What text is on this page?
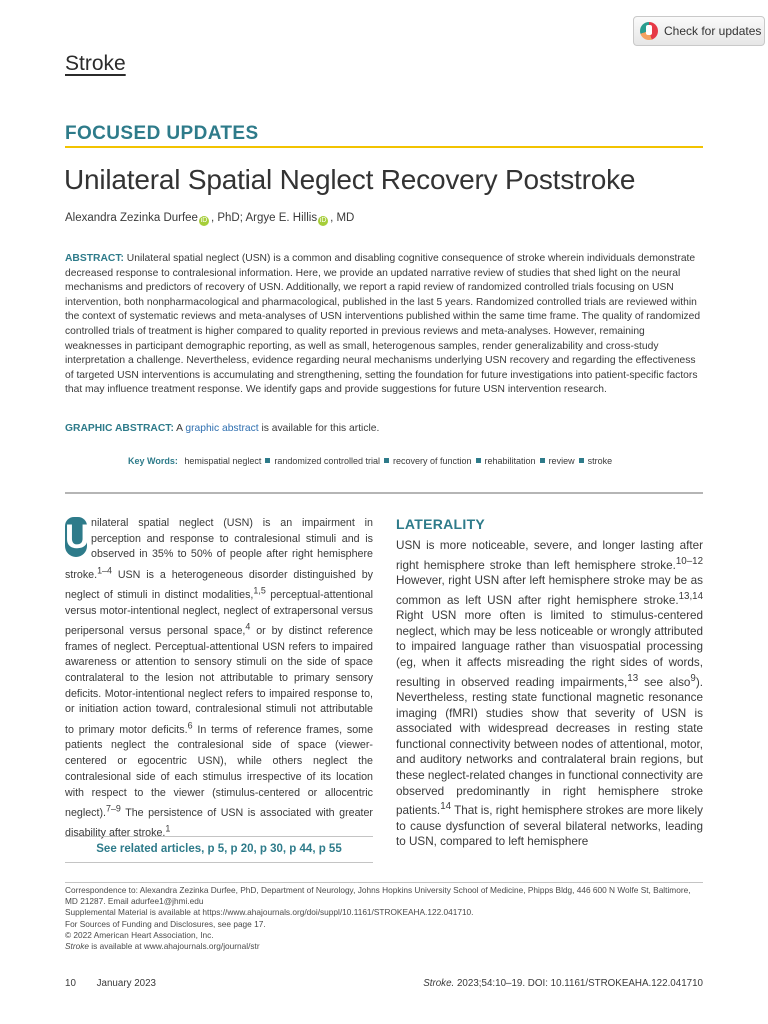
Check for updates
Stroke
FOCUSED UPDATES
Unilateral Spatial Neglect Recovery Poststroke
Alexandra Zezinka Durfee iD , PhD; Argye E. Hillis iD , MD
ABSTRACT: Unilateral spatial neglect (USN) is a common and disabling cognitive consequence of stroke wherein individuals demonstrate decreased response to contralesional information. Here, we provide an updated narrative review of studies that shed light on the neural mechanisms and predictors of recovery of USN. Additionally, we report a rapid review of randomized controlled trials focusing on USN intervention, both nonpharmacological and pharmacological, published in the last 5 years. Randomized controlled trials are reviewed within the context of systematic reviews and meta-analyses of USN interventions published within the same time frame. The quality of randomized controlled trials of treatment is higher compared to quality reported in previous reviews and meta-analyses. However, remaining weaknesses in participant demographic reporting, as well as small, heterogenous samples, render generalizability and cross-study interpretation a challenge. Nevertheless, evidence regarding neural mechanisms underlying USN recovery and regarding the effectiveness of targeted USN interventions is accumulating and strengthening, setting the foundation for future investigations into patient-specific factors that may influence treatment response. We identify gaps and provide suggestions for future USN intervention research.
GRAPHIC ABSTRACT: A graphic abstract is available for this article.
Key Words: hemispatial neglect randomized controlled trial recovery of function rehabilitation review stroke
U nilateral spatial neglect (USN) is an impairment in perception and response to contralesional stimuli and is observed in 35% to 50% of people after right hemisphere stroke.$^{1-4}$ USN is a heterogeneous disorder distinguished by neglect of stimuli in distinct modalities,$^{1,5}$ perceptual-attentional versus motor-intentional neglect, neglect of extrapersonal versus peripersonal versus personal space,$^4$ or by distinct reference frames of neglect. Perceptual-attentional USN refers to impaired awareness or attention to sensory stimuli on the side of space contralateral to the lesion not attributable to primary sensory deficits. Motor-intentional neglect refers to impaired response to, or initiation action toward, contralesional stimuli not attributable to primary motor deficits.$^6$ In terms of reference frames, some patients neglect the contralesional side of space (viewer-centered or egocentric USN), while others neglect the contralesional side of each stimulus irrespective of its location with respect to the viewer (stimulus-centered or allocentric neglect).$^{7-9}$ The persistence of USN is associated with greater disability after stroke.$^1$
See related articles, p 5, p 20, p 30, p 44, p 55
LATERALITY

USN is more noticeable, severe, and longer lasting after right hemisphere stroke than left hemisphere stroke.$^{10-12}$ However, right USN after left hemisphere stroke may be as common as left USN after right hemisphere stroke.$^{13,14}$ Right USN more often is limited to stimulus-centered neglect, which may be less noticeable or wrongly attributed to impaired language rather than visuospatial processing (eg, when it affects misreading the right sides of words, resulting in observed reading impairments,$^{13}$ see also$^9$). Nevertheless, resting state functional magnetic resonance imaging (fMRI) studies show that severity of USN is associated with widespread decreases in resting state functional connectivity between nodes of attentional, motor, and auditory networks and contralateral brain regions, but these neglect-related changes in functional connectivity are observed predominantly in right hemisphere stroke patients.$^{14}$ That is, right hemisphere strokes are more likely to cause dysfunction of several bilateral networks, leading to USN, compared to left hemisphere

Correspondence to: Alexandra Zezinka Durfee, PhD, Department of Neurology, Johns Hopkins University School of Medicine, Phipps Bldg, 446 600 N Wolfe St, Baltimore, MD 21287. Email adurfee1@jhmi.edu
Supplemental Material is available at https://www.ahajournals.org/doi/suppl/10.1161/STROKEAHA.122.041710.
For Sources of Funding and Disclosures, see page 17.
© 2022 American Heart Association, Inc.
Stroke is available at www.ahajournals.org/journal/str
10 January 2023	Stroke. 2023;54:10–19. DOI: 10.1161/STROKEAHA.122.041710
